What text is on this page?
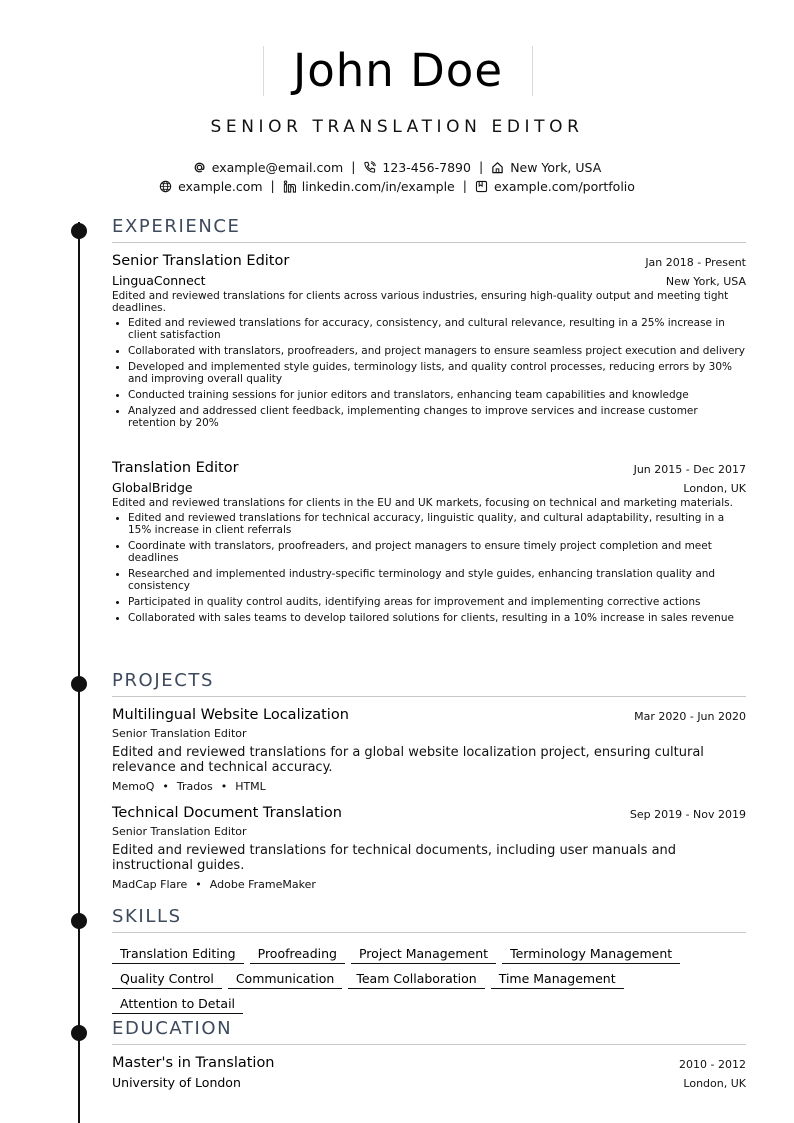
John Doe
SENIOR TRANSLATION EDITOR
example@email.com | 123-456-7890 | New York, USA
example.com | linkedin.com/in/example | example.com/portfolio
EXPERIENCE
Senior Translation Editor	Jan 2018 - Present
LinguaConnect	New York, USA

Edited and reviewed translations for clients across various industries, ensuring high-quality output and meeting tight deadlines.

• Edited and reviewed translations for accuracy, consistency, and cultural relevance, resulting in a 25% increase in client satisfaction
• Collaborated with translators, proofreaders, and project managers to ensure seamless project execution and delivery
• Developed and implemented style guides, terminology lists, and quality control processes, reducing errors by 30% and improving overall quality
• Conducted training sessions for junior editors and translators, enhancing team capabilities and knowledge
• Analyzed and addressed client feedback, implementing changes to improve services and increase customer retention by 20%
Translation Editor	Jun 2015 - Dec 2017
GlobalBridge	London, UK

Edited and reviewed translations for clients in the EU and UK markets, focusing on technical and marketing materials.

• Edited and reviewed translations for technical accuracy, linguistic quality, and cultural adaptability, resulting in a 15% increase in client referrals
• Coordinate with translators, proofreaders, and project managers to ensure timely project completion and meet deadlines
• Researched and implemented industry-specific terminology and style guides, enhancing translation quality and consistency
• Participated in quality control audits, identifying areas for improvement and implementing corrective actions
• Collaborated with sales teams to develop tailored solutions for clients, resulting in a 10% increase in sales revenue
PROJECTS
Multilingual Website Localization	Mar 2020 - Jun 2020
Senior Translation Editor
Edited and reviewed translations for a global website localization project, ensuring cultural relevance and technical accuracy.
MemoQ • Trados • HTML
Technical Document Translation	Sep 2019 - Nov 2019
Senior Translation Editor
Edited and reviewed translations for technical documents, including user manuals and instructional guides.
MadCap Flare • Adobe FrameMaker
SKILLS
Translation Editing Proofreading Project Management Terminology ManagementQuality Control Communication Team Collaboration Time ManagementAttention to Detail
EDUCATION
Master's in Translation	2010 - 2012
University of London	London, UK
